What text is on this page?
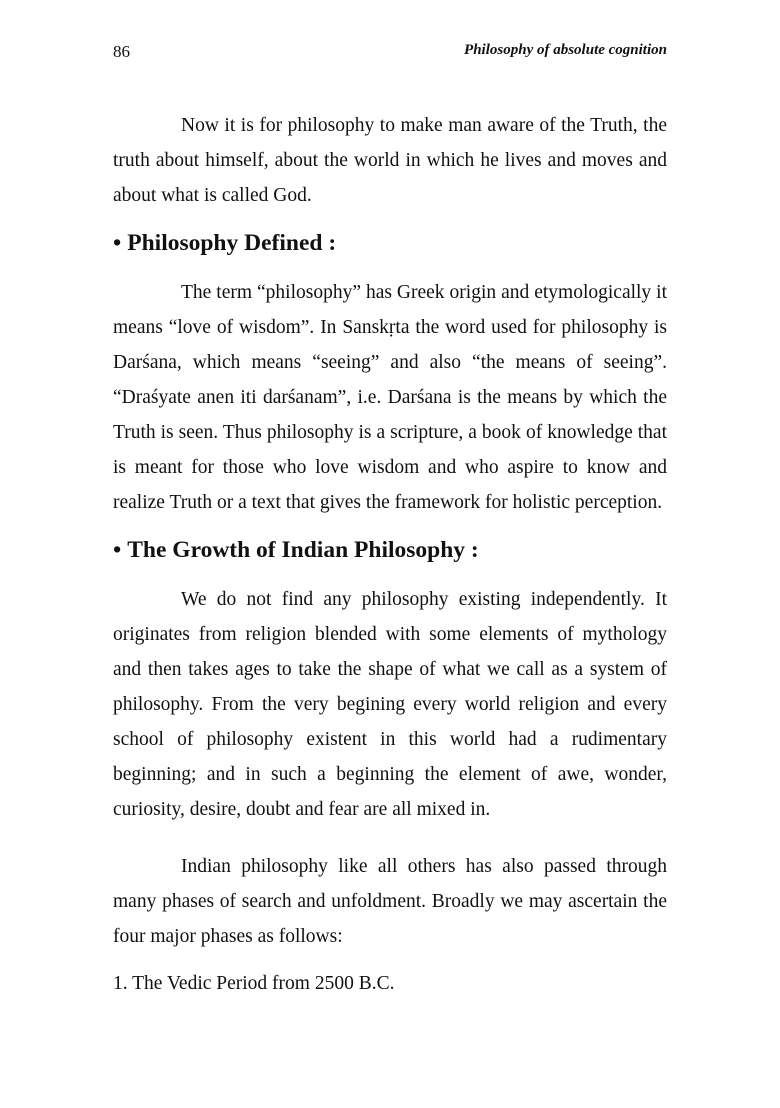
86	Philosophy of absolute cognition

Now it is for philosophy to make man aware of the Truth, the truth about himself, about the world in which he lives and moves and about what is called God.

• Philosophy Defined :

The term “philosophy” has Greek origin and etymologically it means “love of wisdom”. In Sanskṛta the word used for philosophy is Darśana, which means “seeing” and also “the means of seeing”. “Draśyate anen iti darśanam”, i.e. Darśana is the means by which the Truth is seen. Thus philosophy is a scripture, a book of knowledge that is meant for those who love wisdom and who aspire to know and realize Truth or a text that gives the framework for holistic perception.

• The Growth of Indian Philosophy :

We do not find any philosophy existing independently. It originates from religion blended with some elements of mythology and then takes ages to take the shape of what we call as a system of philosophy. From the very begining every world religion and every school of philosophy existent in this world had a rudimentary beginning; and in such a beginning the element of awe, wonder, curiosity, desire, doubt and fear are all mixed in.

Indian philosophy like all others has also passed through many phases of search and unfoldment. Broadly we may ascertain the four major phases as follows:

1. The Vedic Period from 2500 B.C.
